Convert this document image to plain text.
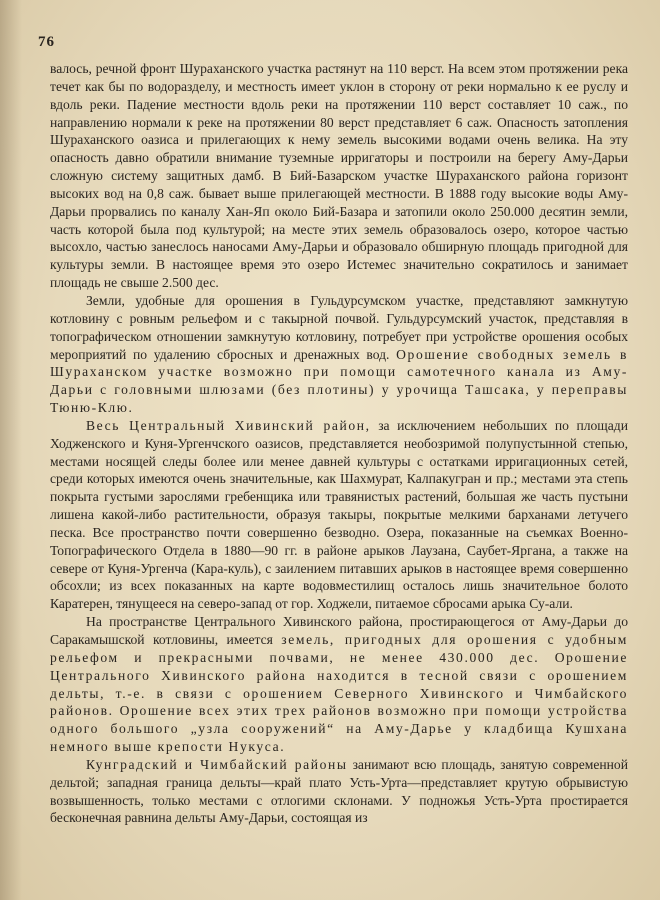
76

валось, речной фронт Шураханского участка растянут на 110 верст. На всем этом протяжении река течет как бы по водоразделу, и местность имеет уклон в сторону от реки нормально к ее руслу и вдоль реки. Падение местности вдоль реки на протяжении 110 верст составляет 10 саж., по направлению нормали к реке на протяжении 80 верст представляет 6 саж. Опасность затопления Шураханского оазиса и прилегающих к нему земель высокими водами очень велика. На эту опасность давно обратили внимание туземные ирригаторы и построили на берегу Аму-Дарьи сложную систему защитных дамб. В Бий-Базарском участке Шураханского района горизонт высоких вод на 0,8 саж. бывает выше прилегающей местности. В 1888 году высокие воды Аму-Дарьи прорвались по каналу Хан-Яп около Бий-Базара и затопили около 250.000 десятин земли, часть которой была под культурой; на месте этих земель образовалось озеро, которое частью высохло, частью занеслось наносами Аму-Дарьи и образовало обширную площадь пригодной для культуры земли. В настоящее время это озеро Истемес значительно сократилось и занимает площадь не свыше 2.500 дес.

Земли, удобные для орошения в Гульдурсумском участке, представляют замкнутую котловину с ровным рельефом и с такырной почвой. Гульдурсумский участок, представляя в топографическом отношении замкнутую котловину, потребует при устройстве орошения особых мероприятий по удалению сбросных и дренажных вод. Орошение свободных земель в Шураханском участке возможно при помощи самотечного канала из Аму-Дарьи с головными шлюзами (без плотины) у урочища Ташсака, у переправы Тюню-Клю.

Весь Центральный Хивинский район, за исключением небольших по площади Ходженского и Куня-Ургенчского оазисов, представляется необозримой полупустынной степью, местами носящей следы более или менее давней культуры с остатками ирригационных сетей, среди которых имеются очень значительные, как Шахмурат, Калпакугран и пр.; местами эта степь покрыта густыми зарослями гребенщика или травянистых растений, большая же часть пустыни лишена какой-либо растительности, образуя такыры, покрытые мелкими барханами летучего песка. Все пространство почти совершенно безводно. Озера, показанные на съемках Военно-Топографического Отдела в 1880—90 гг. в районе арыков Лаузана, Саубет-Яргана, а также на севере от Куня-Ургенча (Кара-куль), с заилением питавших арыков в настоящее время совершенно обсохли; из всех показанных на карте водовместилищ осталось лишь значительное болото Каратерен, тянущееся на северо-запад от гор. Ходжели, питаемое сбросами арыка Су-али.

На пространстве Центрального Хивинского района, простирающегося от Аму-Дарьи до Саракамышской котловины, имеется земель, пригодных для орошения с удобным рельефом и прекрасными почвами, не менее 430.000 дес. Орошение Центрального Хивинского района находится в тесной связи с орошением дельты, т.-е. в связи с орошением Северного Хивинского и Чимбайского районов. Орошение всех этих трех районов возможно при помощи устройства одного большого „узла сооружений“ на Аму-Дарье у кладбища Кушхана немного выше крепости Нукуса.

Кунградский и Чимбайский районы занимают всю площадь, занятую современной дельтой; западная граница дельты—край плато Усть-Урта—представляет крутую обрывистую возвышенность, только местами с отлогими склонами. У подножья Усть-Урта простирается бесконечная равнина дельты Аму-Дарьи, состоящая из
